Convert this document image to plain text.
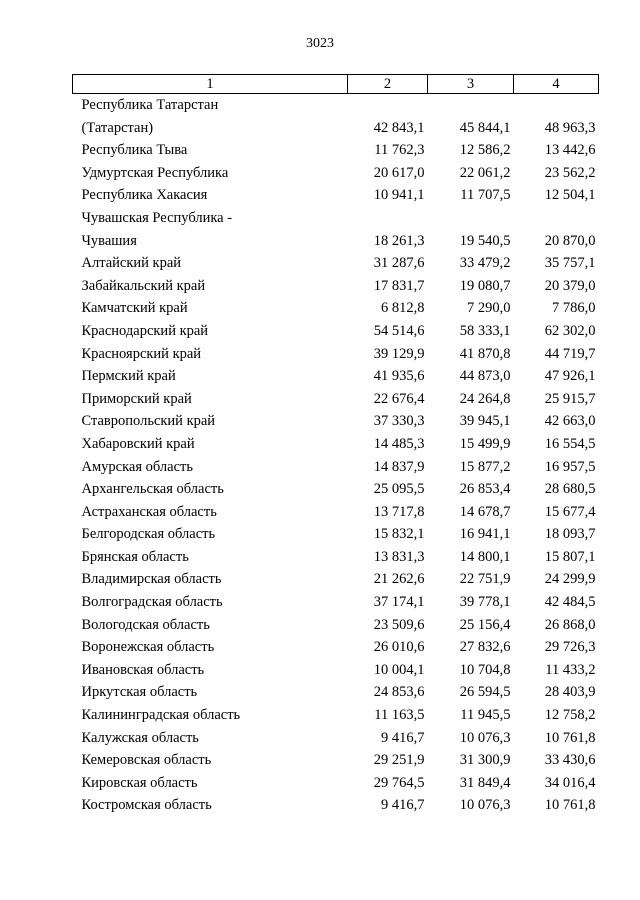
3023
1	2	3	4
Республика Татарстан			
(Татарстан)	42 843,1	45 844,1	48 963,3
Республика Тыва	11 762,3	12 586,2	13 442,6
Удмуртская Республика	20 617,0	22 061,2	23 562,2
Республика Хакасия	10 941,1	11 707,5	12 504,1
Чувашская Республика -			
Чувашия	18 261,3	19 540,5	20 870,0
Алтайский край	31 287,6	33 479,2	35 757,1
Забайкальский край	17 831,7	19 080,7	20 379,0
Камчатский край	6 812,8	7 290,0	7 786,0
Краснодарский край	54 514,6	58 333,1	62 302,0
Красноярский край	39 129,9	41 870,8	44 719,7
Пермский край	41 935,6	44 873,0	47 926,1
Приморский край	22 676,4	24 264,8	25 915,7
Ставропольский край	37 330,3	39 945,1	42 663,0
Хабаровский край	14 485,3	15 499,9	16 554,5
Амурская область	14 837,9	15 877,2	16 957,5
Архангельская область	25 095,5	26 853,4	28 680,5
Астраханская область	13 717,8	14 678,7	15 677,4
Белгородская область	15 832,1	16 941,1	18 093,7
Брянская область	13 831,3	14 800,1	15 807,1
Владимирская область	21 262,6	22 751,9	24 299,9
Волгоградская область	37 174,1	39 778,1	42 484,5
Вологодская область	23 509,6	25 156,4	26 868,0
Воронежская область	26 010,6	27 832,6	29 726,3
Ивановская область	10 004,1	10 704,8	11 433,2
Иркутская область	24 853,6	26 594,5	28 403,9
Калининградская область	11 163,5	11 945,5	12 758,2
Калужская область	9 416,7	10 076,3	10 761,8
Кемеровская область	29 251,9	31 300,9	33 430,6
Кировская область	29 764,5	31 849,4	34 016,4
Костромская область	9 416,7	10 076,3	10 761,8
